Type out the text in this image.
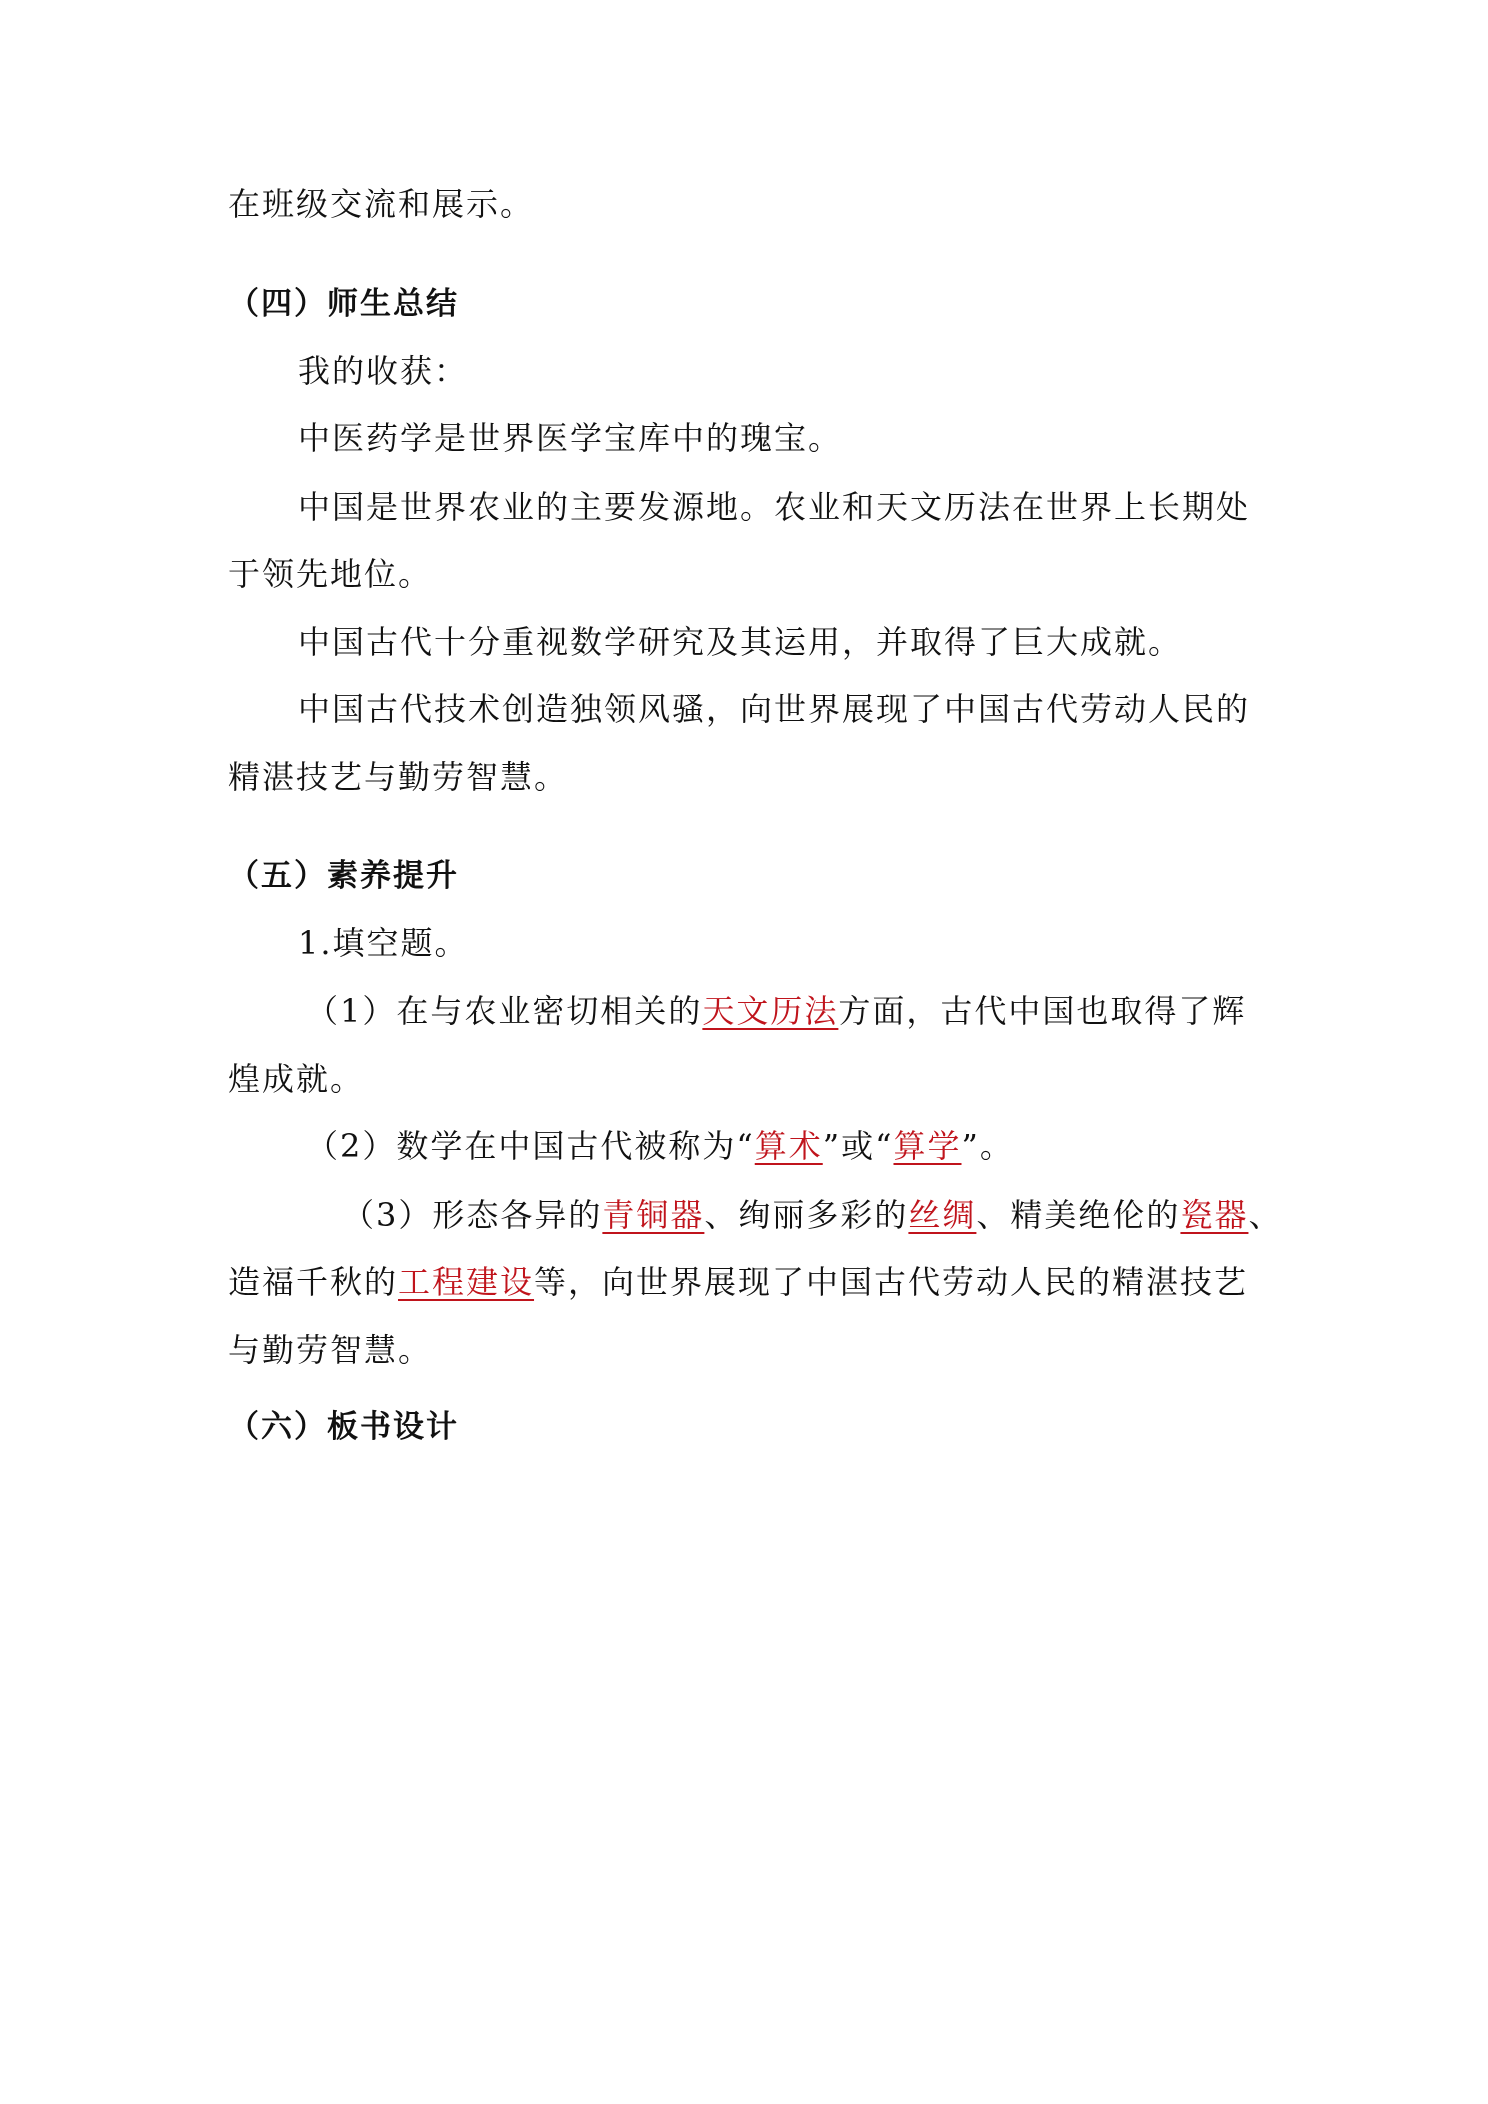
在班级交流和展示。
（四）师生总结
我的收获：
中医药学是世界医学宝库中的瑰宝。
中国是世界农业的主要发源地。农业和天文历法在世界上长期处
于领先地位。
中国古代十分重视数学研究及其运用，并取得了巨大成就。
中国古代技术创造独领风骚，向世界展现了中国古代劳动人民的
精湛技艺与勤劳智慧。
（五）素养提升
1.填空题。
（1）在与农业密切相关的天文历法方面，古代中国也取得了辉
煌成就。
（2）数学在中国古代被称为“算术”或“算学”。
（3）形态各异的青铜器、绚丽多彩的丝绸、精美绝伦的瓷器、
造福千秋的工程建设等，向世界展现了中国古代劳动人民的精湛技艺
与勤劳智慧。
（六）板书设计
